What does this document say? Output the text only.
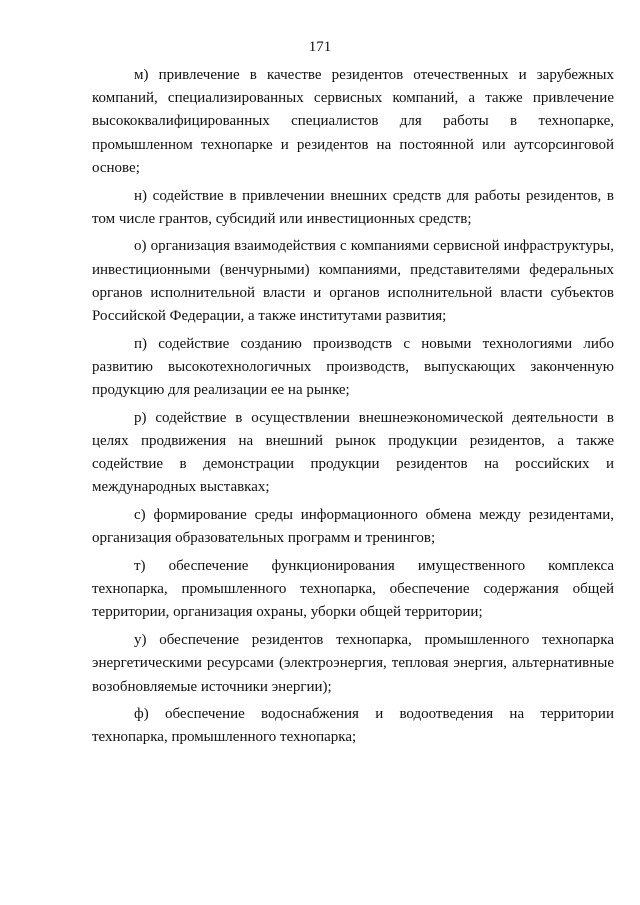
171

м) привлечение в качестве резидентов отечественных и зарубежных компаний, специализированных сервисных компаний, а также привлечение высококвалифицированных специалистов для работы в технопарке, промышленном технопарке и резидентов на постоянной или аутсорсинговой основе;

н) содействие в привлечении внешних средств для работы резидентов, в том числе грантов, субсидий или инвестиционных средств;

о) организация взаимодействия с компаниями сервисной инфраструктуры, инвестиционными (венчурными) компаниями, представителями федеральных органов исполнительной власти и органов исполнительной власти субъектов Российской Федерации, а также институтами развития;

п) содействие созданию производств с новыми технологиями либо развитию высокотехнологичных производств, выпускающих законченную продукцию для реализации ее на рынке;

р) содействие в осуществлении внешнеэкономической деятельности в целях продвижения на внешний рынок продукции резидентов, а также содействие в демонстрации продукции резидентов на российских и международных выставках;

с) формирование среды информационного обмена между резидентами, организация образовательных программ и тренингов;

т) обеспечение функционирования имущественного комплекса технопарка, промышленного технопарка, обеспечение содержания общей территории, организация охраны, уборки общей территории;

у) обеспечение резидентов технопарка, промышленного технопарка энергетическими ресурсами (электроэнергия, тепловая энергия, альтернативные возобновляемые источники энергии);

ф) обеспечение водоснабжения и водоотведения на территории технопарка, промышленного технопарка;
